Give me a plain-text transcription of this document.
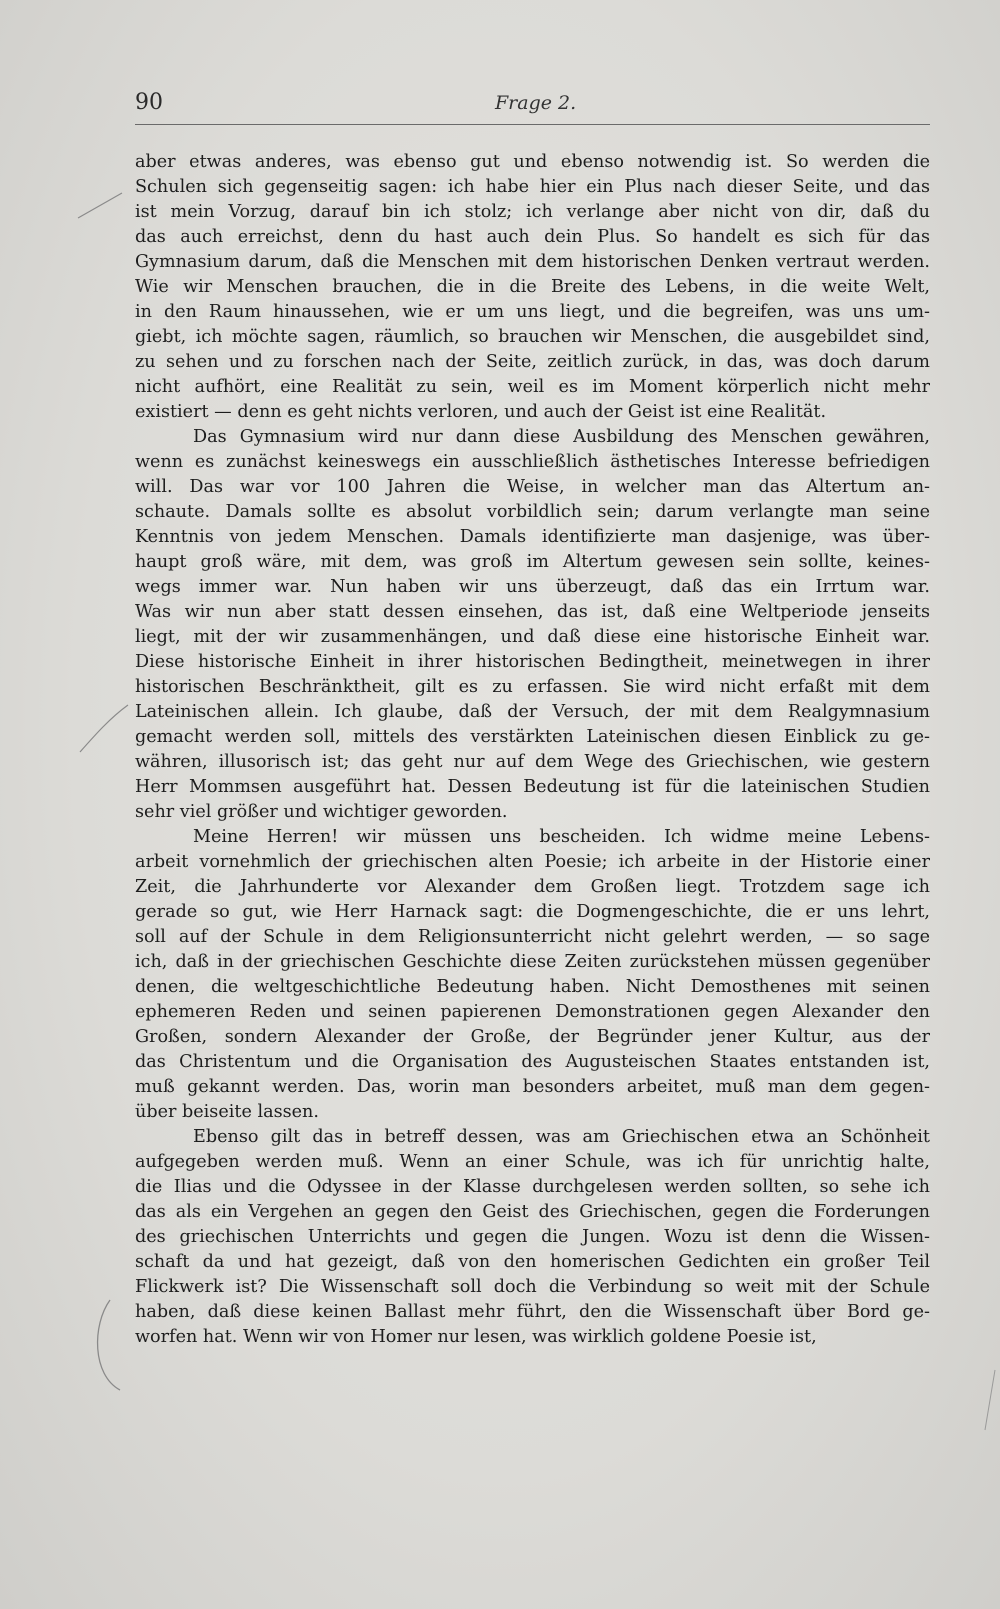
90	Frage 2.
aber etwas anderes, was ebenso gut und ebenso notwendig ist. So werden die
Schulen sich gegenseitig sagen: ich habe hier ein Plus nach dieser Seite, und das
ist mein Vorzug, darauf bin ich stolz; ich verlange aber nicht von dir, daß du
das auch erreichst, denn du hast auch dein Plus. So handelt es sich für das
Gymnasium darum, daß die Menschen mit dem historischen Denken vertraut werden.
Wie wir Menschen brauchen, die in die Breite des Lebens, in die weite Welt,
in den Raum hinaussehen, wie er um uns liegt, und die begreifen, was uns um-
giebt, ich möchte sagen, räumlich, so brauchen wir Menschen, die ausgebildet sind,
zu sehen und zu forschen nach der Seite, zeitlich zurück, in das, was doch darum
nicht aufhört, eine Realität zu sein, weil es im Moment körperlich nicht mehr
existiert — denn es geht nichts verloren, und auch der Geist ist eine Realität.
Das Gymnasium wird nur dann diese Ausbildung des Menschen gewähren,
wenn es zunächst keineswegs ein ausschließlich ästhetisches Interesse befriedigen
will. Das war vor 100 Jahren die Weise, in welcher man das Altertum an-
schaute. Damals sollte es absolut vorbildlich sein; darum verlangte man seine
Kenntnis von jedem Menschen. Damals identifizierte man dasjenige, was über-
haupt groß wäre, mit dem, was groß im Altertum gewesen sein sollte, keines-
wegs immer war. Nun haben wir uns überzeugt, daß das ein Irrtum war.
Was wir nun aber statt dessen einsehen, das ist, daß eine Weltperiode jenseits
liegt, mit der wir zusammenhängen, und daß diese eine historische Einheit war.
Diese historische Einheit in ihrer historischen Bedingtheit, meinetwegen in ihrer
historischen Beschränktheit, gilt es zu erfassen. Sie wird nicht erfaßt mit dem
Lateinischen allein. Ich glaube, daß der Versuch, der mit dem Realgymnasium
gemacht werden soll, mittels des verstärkten Lateinischen diesen Einblick zu ge-
währen, illusorisch ist; das geht nur auf dem Wege des Griechischen, wie gestern
Herr Mommsen ausgeführt hat. Dessen Bedeutung ist für die lateinischen Studien
sehr viel größer und wichtiger geworden.
Meine Herren! wir müssen uns bescheiden. Ich widme meine Lebens-
arbeit vornehmlich der griechischen alten Poesie; ich arbeite in der Historie einer
Zeit, die Jahrhunderte vor Alexander dem Großen liegt. Trotzdem sage ich
gerade so gut, wie Herr Harnack sagt: die Dogmengeschichte, die er uns lehrt,
soll auf der Schule in dem Religionsunterricht nicht gelehrt werden, — so sage
ich, daß in der griechischen Geschichte diese Zeiten zurückstehen müssen gegenüber
denen, die weltgeschichtliche Bedeutung haben. Nicht Demosthenes mit seinen
ephemeren Reden und seinen papierenen Demonstrationen gegen Alexander den
Großen, sondern Alexander der Große, der Begründer jener Kultur, aus der
das Christentum und die Organisation des Augusteischen Staates entstanden ist,
muß gekannt werden. Das, worin man besonders arbeitet, muß man dem gegen-
über beiseite lassen.
Ebenso gilt das in betreff dessen, was am Griechischen etwa an Schönheit
aufgegeben werden muß. Wenn an einer Schule, was ich für unrichtig halte,
die Ilias und die Odyssee in der Klasse durchgelesen werden sollten, so sehe ich
das als ein Vergehen an gegen den Geist des Griechischen, gegen die Forderungen
des griechischen Unterrichts und gegen die Jungen. Wozu ist denn die Wissen-
schaft da und hat gezeigt, daß von den homerischen Gedichten ein großer Teil
Flickwerk ist? Die Wissenschaft soll doch die Verbindung so weit mit der Schule
haben, daß diese keinen Ballast mehr führt, den die Wissenschaft über Bord ge-
worfen hat. Wenn wir von Homer nur lesen, was wirklich goldene Poesie ist,
